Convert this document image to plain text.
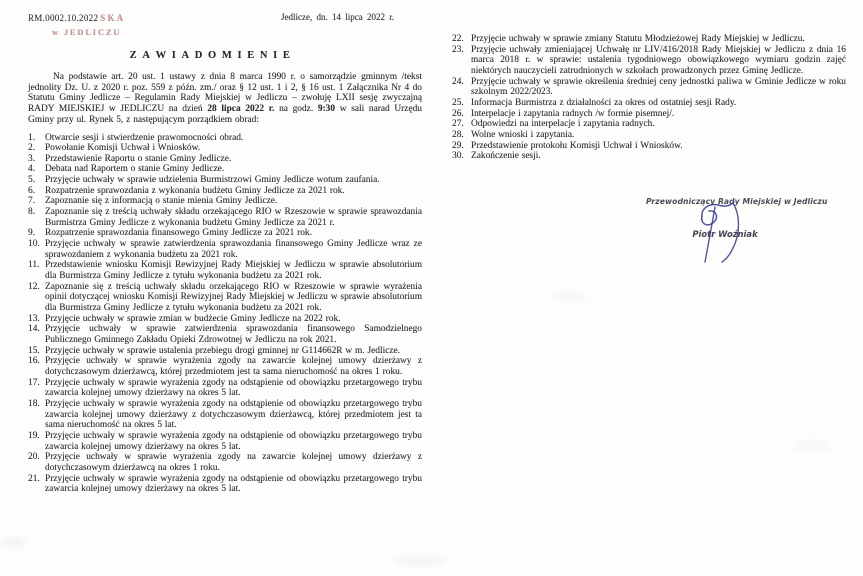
RM.0002.10.2022 SKA	Jedlicze, dn. 14 lipca 2022 r.
w JEDLICZU
Z A W I A D O M I E N I E

Na podstawie art. 20 ust. 1 ustawy z dnia 8 marca 1990 r. o samorządzie gminnym /tekst jednolity Dz. U. z 2020 r. poz. 559 z późn. zm./ oraz § 12 ust. 1 i 2, § 16 ust. 1 Załącznika Nr 4 do Statutu Gminy Jedlicze – Regulamin Rady Miejskiej w Jedliczu – zwołuję LXII sesję zwyczajną RADY MIEJSKIEJ w JEDLICZU na dzień 28 lipca 2022 r. na godz. 9:30 w sali narad Urzędu Gminy przy ul. Rynek 5, z następującym porządkiem obrad:

1.	Otwarcie sesji i stwierdzenie prawomocności obrad.
2.	Powołanie Komisji Uchwał i Wniosków.
3.	Przedstawienie Raportu o stanie Gminy Jedlicze.
4.	Debata nad Raportem o stanie Gminy Jedlicze.
5.	Przyjęcie uchwały w sprawie udzielenia Burmistrzowi Gminy Jedlicze wotum zaufania.
6.	Rozpatrzenie sprawozdania z wykonania budżetu Gminy Jedlicze za 2021 rok.
7.	Zapoznanie się z informacją o stanie mienia Gminy Jedlicze.
8.	Zapoznanie się z treścią uchwały składu orzekającego RIO w Rzeszowie w sprawie sprawozdania Burmistrza Gminy Jedlicze z wykonania budżetu Gminy Jedlicze za 2021 r.
9.	Rozpatrzenie sprawozdania finansowego Gminy Jedlicze za 2021 rok.
10. Przyjęcie uchwały w sprawie zatwierdzenia sprawozdania finansowego Gminy Jedlicze wraz ze sprawozdaniem z wykonania budżetu za 2021 rok.
11. Przedstawienie wniosku Komisji Rewizyjnej Rady Miejskiej w Jedliczu w sprawie absolutorium dla Burmistrza Gminy Jedlicze z tytułu wykonania budżetu za 2021 rok.
12. Zapoznanie się z treścią uchwały składu orzekającego RIO w Rzeszowie w sprawie wyrażenia opinii dotyczącej wniosku Komisji Rewizyjnej Rady Miejskiej w Jedliczu w sprawie absolutorium dla Burmistrza Gminy Jedlicze z tytułu wykonania budżetu za 2021 rok.
13. Przyjęcie uchwały w sprawie zmian w budżecie Gminy Jedlicze na 2022 rok.
14. Przyjęcie uchwały w sprawie zatwierdzenia sprawozdania finansowego Samodzielnego Publicznego Gminnego Zakładu Opieki Zdrowotnej w Jedliczu na rok 2021.
15. Przyjęcie uchwały w sprawie ustalenia przebiegu drogi gminnej nr G114662R w m. Jedlicze.
16. Przyjęcie uchwały w sprawie wyrażenia zgody na zawarcie kolejnej umowy dzierżawy z dotychczasowym dzierżawcą, której przedmiotem jest ta sama nieruchomość na okres 1 roku.
17. Przyjęcie uchwały w sprawie wyrażenia zgody na odstąpienie od obowiązku przetargowego trybu zawarcia kolejnej umowy dzierżawy na okres 5 lat.
18. Przyjęcie uchwały w sprawie wyrażenia zgody na odstąpienie od obowiązku przetargowego trybu zawarcia kolejnej umowy dzierżawy z dotychczasowym dzierżawcą, której przedmiotem jest ta sama nieruchomość na okres 5 lat.
19. Przyjęcie uchwały w sprawie wyrażenia zgody na odstąpienie od obowiązku przetargowego trybu zawarcia kolejnej umowy dzierżawy na okres 5 lat.
20. Przyjęcie uchwały w sprawie wyrażenia zgody na zawarcie kolejnej umowy dzierżawy z dotychczasowym dzierżawcą na okres 1 roku.
21. Przyjęcie uchwały w sprawie wyrażenia zgody na odstąpienie od obowiązku przetargowego trybu zawarcia kolejnej umowy dzierżawy na okres 5 lat.
22. Przyjęcie uchwały w sprawie zmiany Statutu Młodzieżowej Rady Miejskiej w Jedliczu.
23. Przyjęcie uchwały zmieniającej Uchwałę nr LIV/416/2018 Rady Miejskiej w Jedliczu z dnia 16 marca 2018 r. w sprawie: ustalenia tygodniowego obowiązkowego wymiaru godzin zajęć niektórych nauczycieli zatrudnionych w szkołach prowadzonych przez Gminę Jedlicze.
24. Przyjęcie uchwały w sprawie określenia średniej ceny jednostki paliwa w Gminie Jedlicze w roku szkolnym 2022/2023.
25. Informacja Burmistrza z działalności za okres od ostatniej sesji Rady.
26. Interpelacje i zapytania radnych /w formie pisemnej/.
27. Odpowiedzi na interpelacje i zapytania radnych.
28. Wolne wnioski i zapytania.
29. Przedstawienie protokołu Komisji Uchwał i Wniosków.
30. Zakończenie sesji.
Przewodniczący Rady Miejskiej w Jedliczu
Piotr Woźniak
